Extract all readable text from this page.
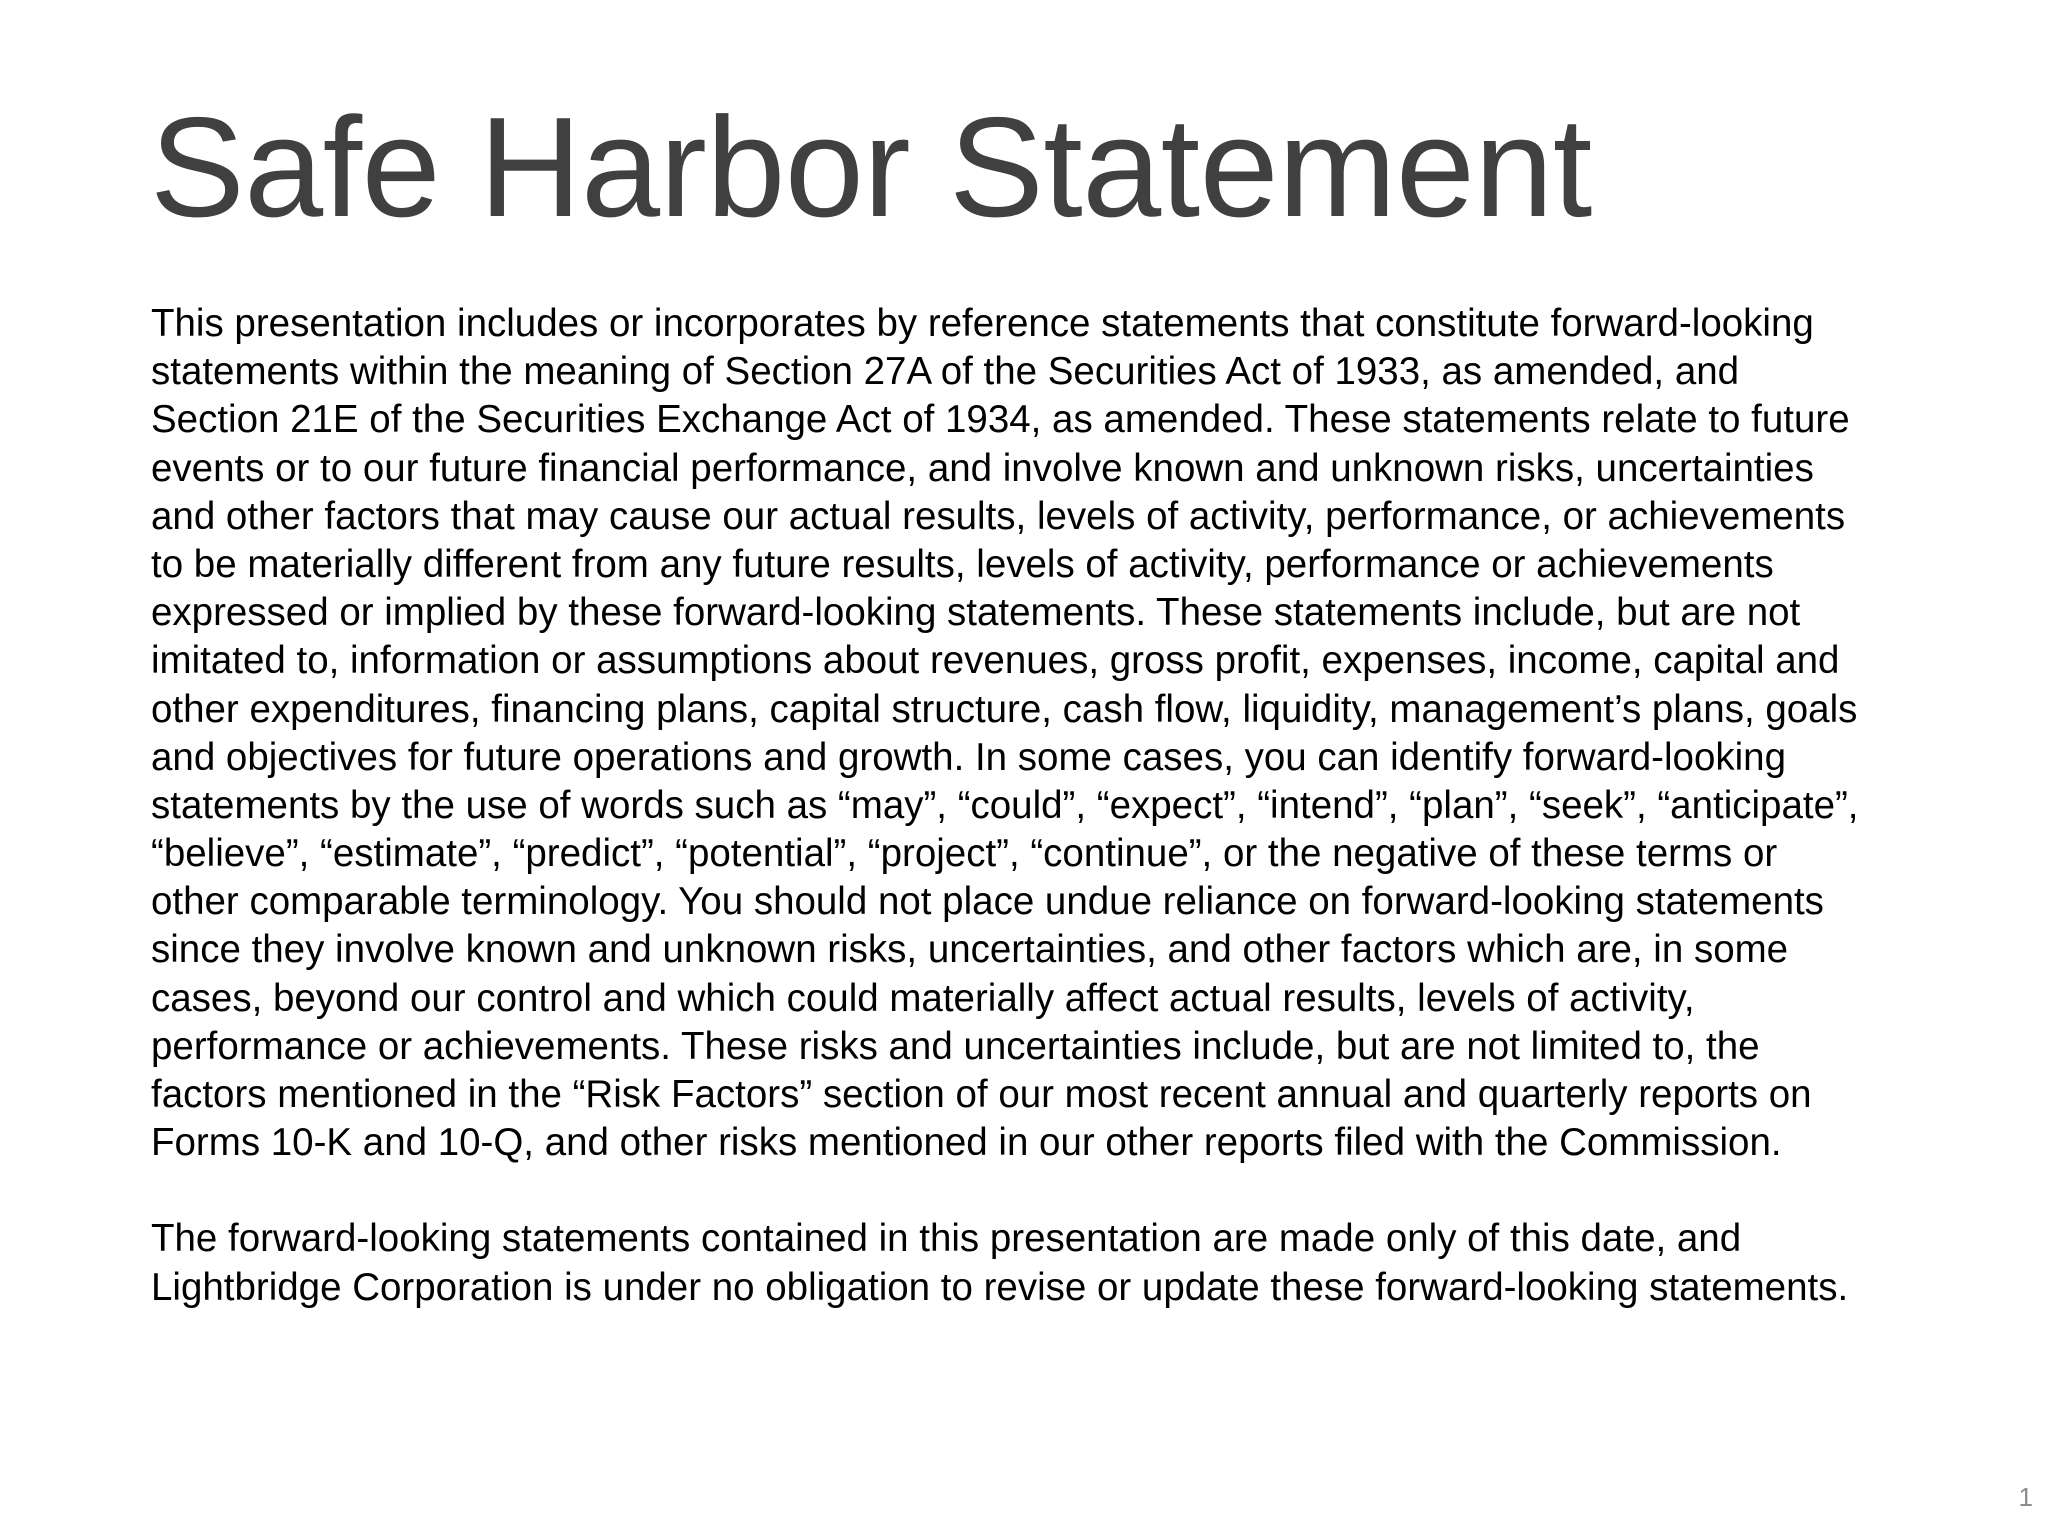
Safe Harbor Statement

This presentation includes or incorporates by reference statements that constitute forward-looking
statements within the meaning of Section 27A of the Securities Act of 1933, as amended, and
Section 21E of the Securities Exchange Act of 1934, as amended. These statements relate to future
events or to our future financial performance, and involve known and unknown risks, uncertainties
and other factors that may cause our actual results, levels of activity, performance, or achievements
to be materially different from any future results, levels of activity, performance or achievements
expressed or implied by these forward-looking statements. These statements include, but are not
imitated to, information or assumptions about revenues, gross profit, expenses, income, capital and
other expenditures, financing plans, capital structure, cash flow, liquidity, management’s plans, goals
and objectives for future operations and growth. In some cases, you can identify forward-looking
statements by the use of words such as “may”, “could”, “expect”, “intend”, “plan”, “seek”, “anticipate”,
“believe”, “estimate”, “predict”, “potential”, “project”, “continue”, or the negative of these terms or
other comparable terminology. You should not place undue reliance on forward-looking statements
since they involve known and unknown risks, uncertainties, and other factors which are, in some
cases, beyond our control and which could materially affect actual results, levels of activity,
performance or achievements. These risks and uncertainties include, but are not limited to, the
factors mentioned in the “Risk Factors” section of our most recent annual and quarterly reports on
Forms 10-K and 10-Q, and other risks mentioned in our other reports filed with the Commission.

The forward-looking statements contained in this presentation are made only of this date, and
Lightbridge Corporation is under no obligation to revise or update these forward-looking statements.

1
